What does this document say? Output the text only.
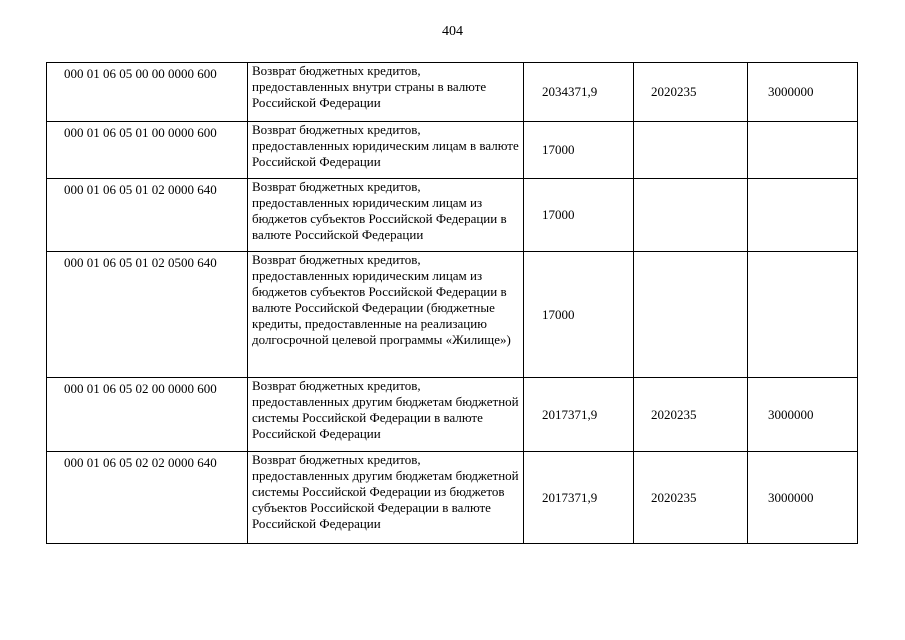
404
000 01 06 05 00 00 0000 600	Возврат бюджетных кредитов, предоставленных внутри страны в валюте Российской Федерации	2034371,9	2020235	3000000
000 01 06 05 01 00 0000 600	Возврат бюджетных кредитов, предоставленных юридическим лицам в валюте Российской Федерации	17000		
000 01 06 05 01 02 0000 640	Возврат бюджетных кредитов, предоставленных юридическим лицам из бюджетов субъектов Российской Федерации в валюте Российской Федерации	17000		
000 01 06 05 01 02 0500 640	Возврат бюджетных кредитов, предоставленных юридическим лицам из бюджетов субъектов Российской Федерации в валюте Российской Федерации (бюджетные кредиты, предоставленные на реализацию долгосрочной целевой программы «Жилище»)	17000		
000 01 06 05 02 00 0000 600	Возврат бюджетных кредитов, предоставленных другим бюджетам бюджетной системы Российской Федерации в валюте Российской Федерации	2017371,9	2020235	3000000
000 01 06 05 02 02 0000 640	Возврат бюджетных кредитов, предоставленных другим бюджетам бюджетной системы Российской Федерации из бюджетов субъектов Российской Федерации в валюте Российской Федерации	2017371,9	2020235	3000000
